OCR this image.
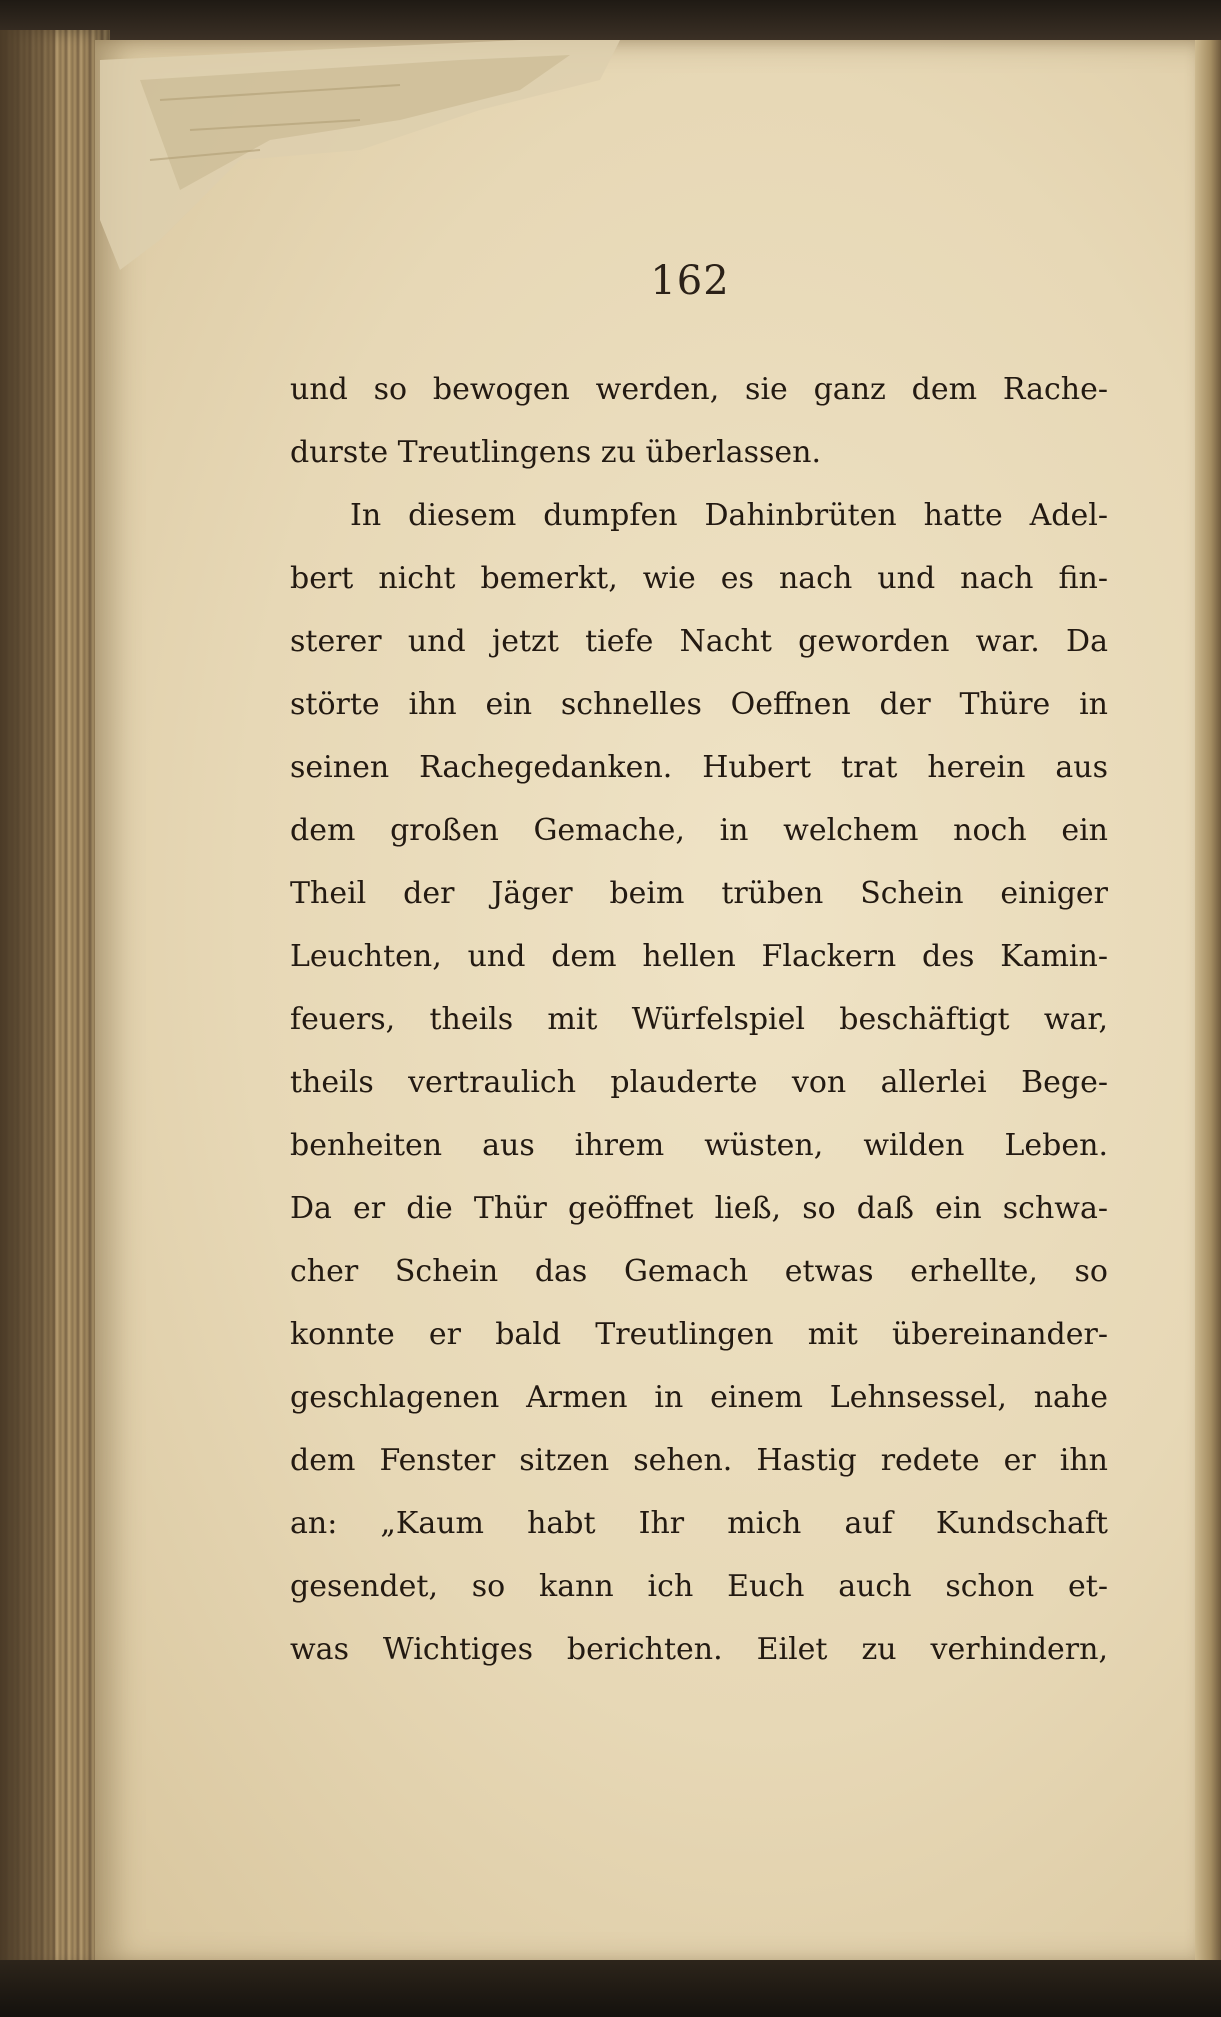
162
und so bewogen werden, sie ganz dem Rache-
durste Treutlingens zu überlassen.
In diesem dumpfen Dahinbrüten hatte Adel-
bert nicht bemerkt, wie es nach und nach fin-
sterer und jetzt tiefe Nacht geworden war. Da
störte ihn ein schnelles Oeffnen der Thüre in
seinen Rachegedanken. Hubert trat herein aus
dem großen Gemache, in welchem noch ein
Theil der Jäger beim trüben Schein einiger
Leuchten, und dem hellen Flackern des Kamin-
feuers, theils mit Würfelspiel beschäftigt war,
theils vertraulich plauderte von allerlei Bege-
benheiten aus ihrem wüsten, wilden Leben.
Da er die Thür geöffnet ließ, so daß ein schwa-
cher Schein das Gemach etwas erhellte, so
konnte er bald Treutlingen mit übereinander-
geschlagenen Armen in einem Lehnsessel, nahe
dem Fenster sitzen sehen. Hastig redete er ihn
an: „Kaum habt Ihr mich auf Kundschaft
gesendet, so kann ich Euch auch schon et-
was Wichtiges berichten. Eilet zu verhindern,
